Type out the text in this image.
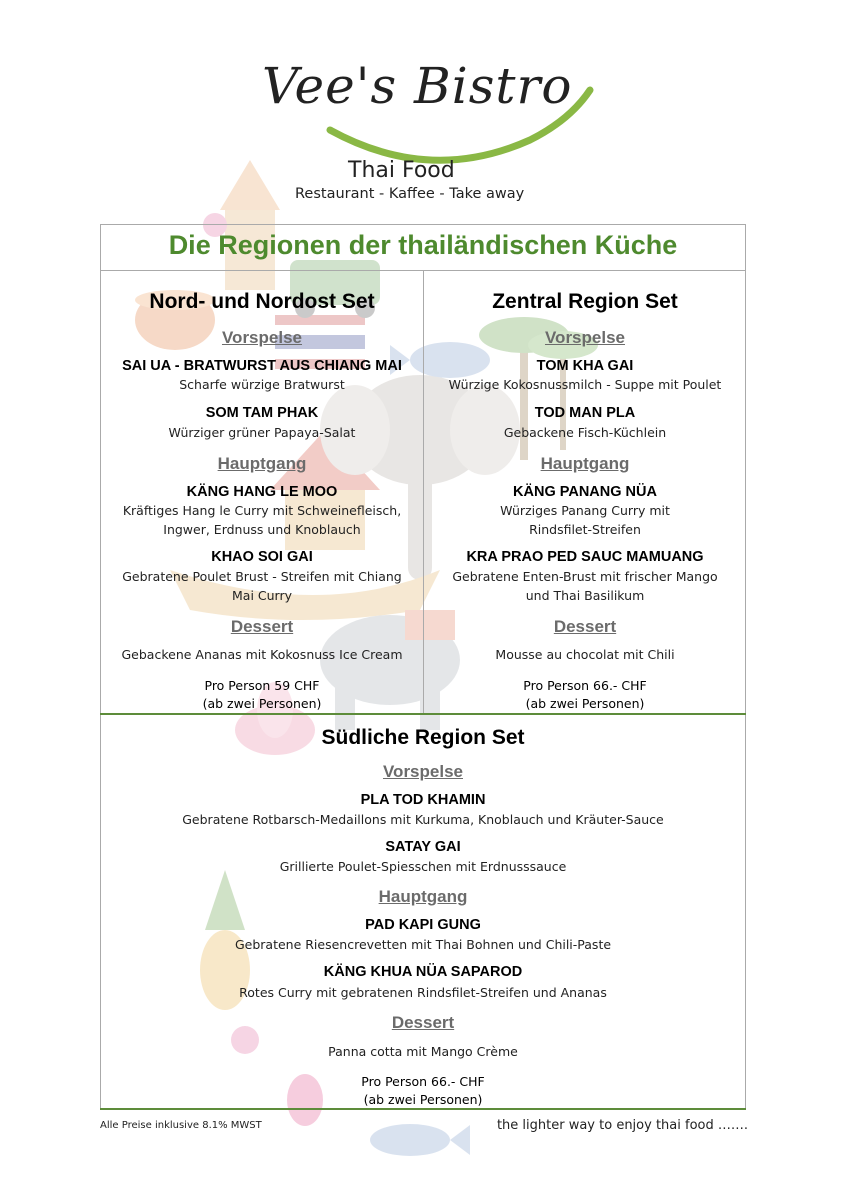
Vee's Bistro
Thai Food
Restaurant - Kaffee - Take away
Die Regionen der thailändischen Küche
Nord- und Nordost Set
Vorspelse
SAI UA - BRATWURST AUS CHIANG MAI
Scharfe würzige Bratwurst
SOM TAM PHAK
Würziger grüner Papaya-Salat
Hauptgang
KÄNG HANG LE MOO
Kräftiges Hang le Curry mit Schweinefleisch,
Ingwer, Erdnuss und Knoblauch
KHAO SOI GAI
Gebratene Poulet Brust - Streifen mit Chiang
Mai Curry
Dessert
Gebackene Ananas mit Kokosnuss Ice Cream
Pro Person 59 CHF
(ab zwei Personen)
Zentral Region Set
Vorspelse
TOM KHA GAI
Würzige Kokosnussmilch - Suppe mit Poulet
TOD MAN PLA
Gebackene Fisch-Küchlein
Hauptgang
KÄNG PANANG NÜA
Würziges Panang Curry mit
Rindsfilet-Streifen
KRA PRAO PED SAUC MAMUANG
Gebratene Enten-Brust mit frischer Mango
und Thai Basilikum
Dessert
Mousse au chocolat mit Chili
Pro Person 66.- CHF
(ab zwei Personen)
Südliche Region Set
Vorspelse
PLA TOD KHAMIN
Gebratene Rotbarsch-Medaillons mit Kurkuma, Knoblauch und Kräuter-Sauce
SATAY GAI
Grillierte Poulet-Spiesschen mit Erdnusssauce
Hauptgang
PAD KAPI GUNG
Gebratene Riesencrevetten mit Thai Bohnen und Chili-Paste
KÄNG KHUA NÜA SAPAROD
Rotes Curry mit gebratenen Rindsfilet-Streifen und Ananas
Dessert
Panna cotta mit Mango Crème
Pro Person 66.- CHF
(ab zwei Personen)
Alle Preise inklusive 8.1% MWST	the lighter way to enjoy thai food …….
